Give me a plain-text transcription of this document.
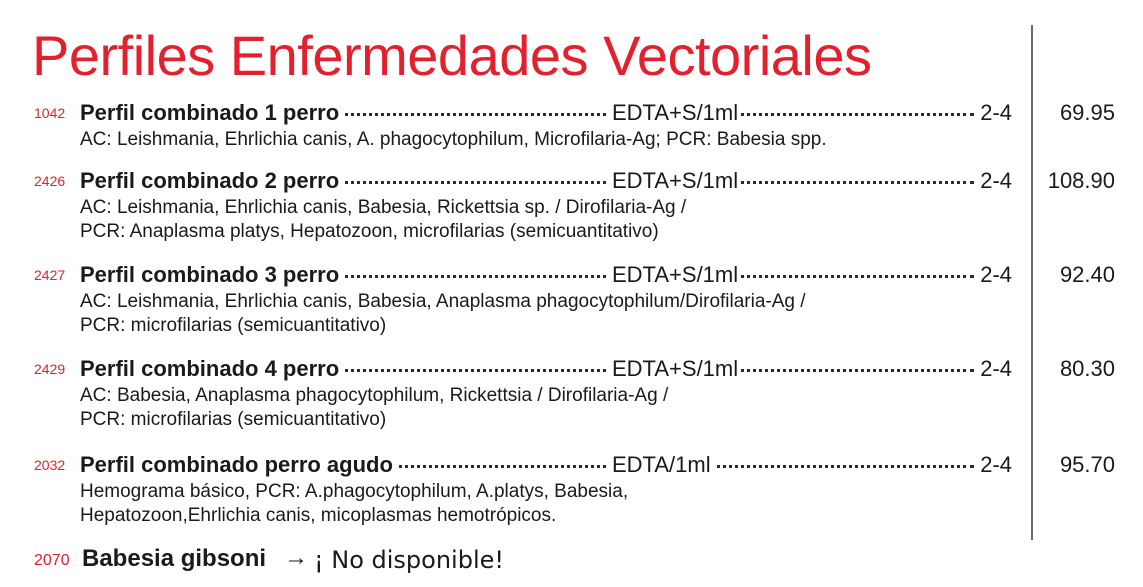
Perfiles Enfermedades Vectoriales
1042 Perfil combinado 1 perro	EDTA+S/1ml	2-4 69.95
AC: Leishmania, Ehrlichia canis, A. phagocytophilum, Microfilaria-Ag; PCR: Babesia spp.
2426 Perfil combinado 2 perro	EDTA+S/1ml	2-4 108.90
AC: Leishmania, Ehrlichia canis, Babesia, Rickettsia sp. / Dirofilaria-Ag /
PCR: Anaplasma platys, Hepatozoon, microfilarias (semicuantitativo)
2427 Perfil combinado 3 perro	EDTA+S/1ml	2-4 92.40
AC: Leishmania, Ehrlichia canis, Babesia, Anaplasma phagocytophilum/Dirofilaria-Ag /
PCR: microfilarias (semicuantitativo)
2429 Perfil combinado 4 perro	EDTA+S/1ml	2-4 80.30
AC: Babesia, Anaplasma phagocytophilum, Rickettsia / Dirofilaria-Ag /
PCR: microfilarias (semicuantitativo)
2032 Perfil combinado perro agudo	EDTA/1ml	2-4 95.70
Hemograma básico, PCR: A.phagocytophilum, A.platys, Babesia,
Hepatozoon,Ehrlichia canis, micoplasmas hemotrópicos.
2070 Babesia gibsoni → ¡ No disponible!
